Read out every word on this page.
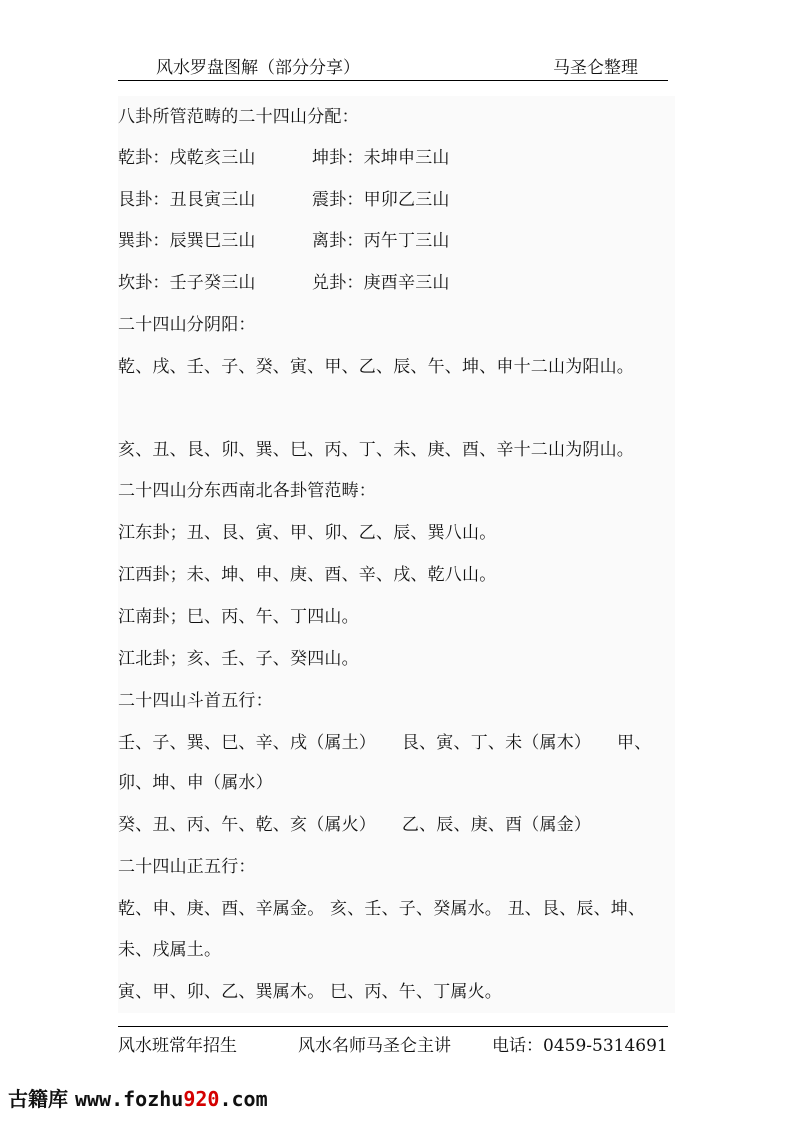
风水罗盘图解（部分分享）	马圣仑整理
八卦所管范畴的二十四山分配：
乾卦：戌乾亥三山	坤卦：未坤申三山
艮卦：丑艮寅三山	震卦：甲卯乙三山
巽卦：辰巽巳三山	离卦：丙午丁三山
坎卦：壬子癸三山	兑卦：庚酉辛三山
二十四山分阴阳：
乾、戌、壬、子、癸、寅、甲、乙、辰、午、坤、申十二山为阳山。
亥、丑、艮、卯、巽、巳、丙、丁、未、庚、酉、辛十二山为阴山。
二十四山分东西南北各卦管范畴：
江东卦；丑、艮、寅、甲、卯、乙、辰、巽八山。
江西卦；未、坤、申、庚、酉、辛、戌、乾八山。
江南卦；巳、丙、午、丁四山。
江北卦；亥、壬、子、癸四山。
二十四山斗首五行：
壬、子、巽、巳、辛、戌（属土）　　艮、寅、丁、未（属木）　　甲、
卯、坤、申（属水）
癸、丑、丙、午、乾、亥（属火）　　乙、辰、庚、酉（属金）
二十四山正五行：
乾、申、庚、酉、辛属金。 亥、壬、子、癸属水。 丑、艮、辰、坤、
未、戌属土。
寅、甲、卯、乙、巽属木。 巳、丙、午、丁属火。
风水班常年招生	风水名师马圣仑主讲 电话：0459-5314691
古籍库 www.fozhu920.com
